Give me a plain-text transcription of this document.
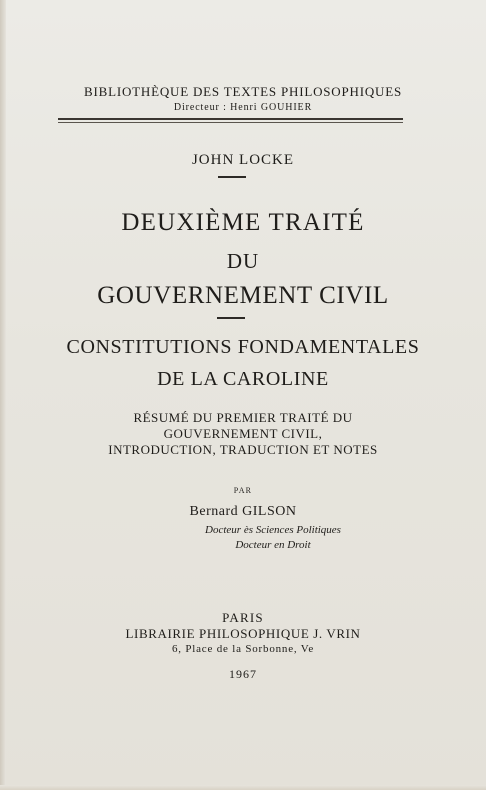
BIBLIOTHÈQUE DES TEXTES PHILOSOPHIQUES
Directeur : Henri GOUHIER
JOHN LOCKE
DEUXIÈME TRAITÉ
DU
GOUVERNEMENT CIVIL
CONSTITUTIONS FONDAMENTALES
DE LA CAROLINE
RÉSUMÉ DU PREMIER TRAITÉ DU
GOUVERNEMENT CIVIL,
INTRODUCTION, TRADUCTION ET NOTES
PAR
Bernard GILSON
Docteur ès Sciences Politiques
Docteur en Droit
PARIS
LIBRAIRIE PHILOSOPHIQUE J. VRIN
6, Place de la Sorbonne, Ve
1967
